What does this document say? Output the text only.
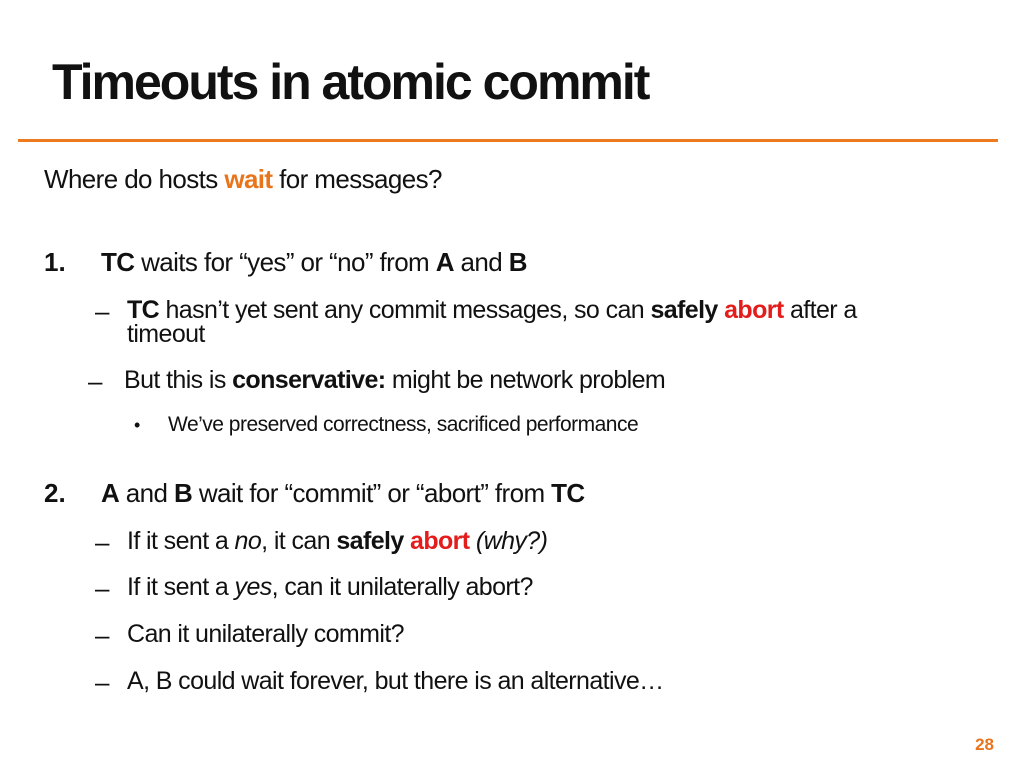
Timeouts in atomic commit
Where do hosts wait for messages?
1. TC waits for “yes” or “no” from A and B
– TC hasn’t yet sent any commit messages, so can safely abort after a
timeout
– But this is conservative: might be network problem
• We’ve preserved correctness, sacrificed performance
2. A and B wait for “commit” or “abort” from TC
– If it sent a no, it can safely abort (why?)
– If it sent a yes, can it unilaterally abort?
– Can it unilaterally commit?
– A, B could wait forever, but there is an alternative…
28
